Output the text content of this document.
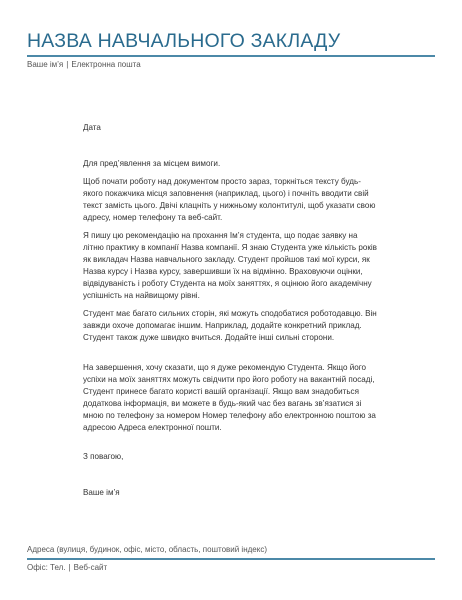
НАЗВА НАВЧАЛЬНОГО ЗАКЛАДУ
Ваше ім’я | Електронна пошта
Дата
Для пред’явлення за місцем вимоги.

Щоб почати роботу над документом просто зараз, торкніться тексту будь-якого покажчика місця заповнення (наприклад, цього) і почніть вводити свій текст замість цього. Двічі клацніть у нижньому колонтитулі, щоб указати свою адресу, номер телефону та веб-сайт.

Я пишу цю рекомендацію на прохання Ім’я студента, що подає заявку на літню практику в компанії Назва компанії. Я знаю Студента уже кількість років як викладач Назва навчального закладу. Студент пройшов такі мої курси, як Назва курсу і Назва курсу, завершивши їх на відмінно. Враховуючи оцінки, відвідуваність і роботу Студента на моїх заняттях, я оцінюю його академічну успішність на найвищому рівні.

Студент має багато сильних сторін, які можуть сподобатися роботодавцю. Він завжди охоче допомагає іншим. Наприклад, додайте конкретний приклад. Студент також дуже швидко вчиться. Додайте інші сильні сторони.

На завершення, хочу сказати, що я дуже рекомендую Студента. Якщо його успіхи на моїх заняттях можуть свідчити про його роботу на вакантній посаді, Студент принесе багато користі вашій організації. Якщо вам знадобиться додаткова інформація, ви можете в будь-який час без вагань зв’язатися зі мною по телефону за номером Номер телефону або електронною поштою за адресою Адреса електронної пошти.

З повагою,
Ваше ім’я
Адреса (вулиця, будинок, офіс, місто, область, поштовий індекс)
Офіс: Тел. | Веб-сайт
